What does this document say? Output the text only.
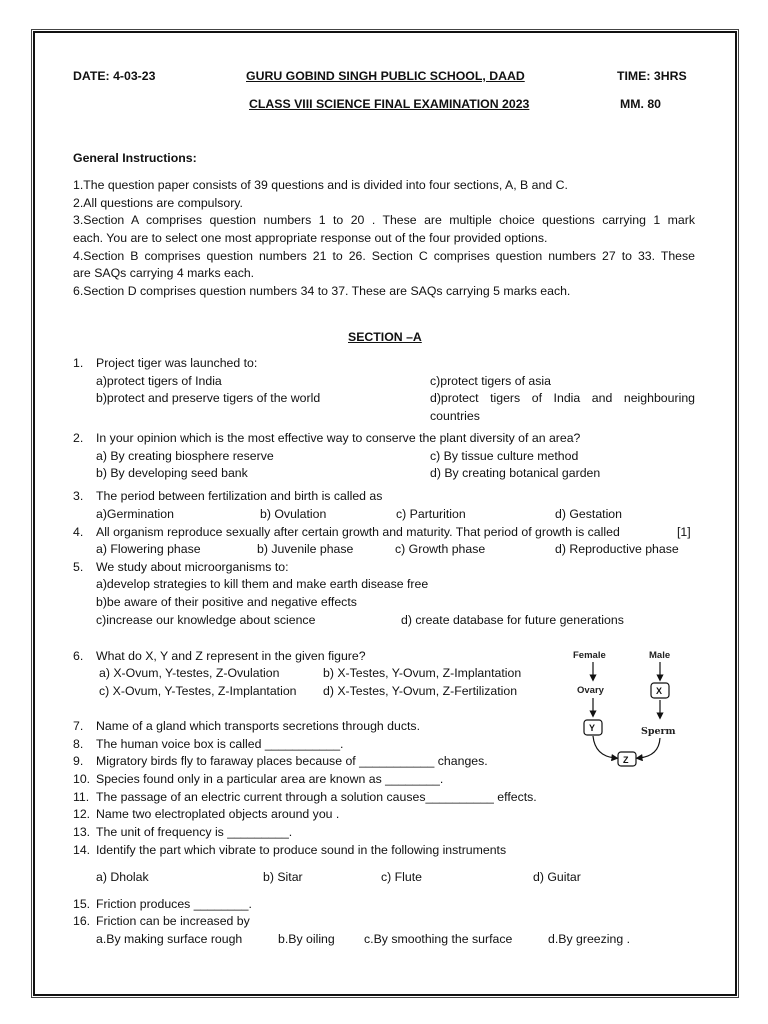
DATE: 4-03-23	GURU GOBIND SINGH PUBLIC SCHOOL, DAAD	TIME: 3HRS
CLASS VIII SCIENCE FINAL EXAMINATION 2023	MM. 80
General Instructions:
1.The question paper consists of 39 questions and is divided into four sections, A, B and C.
2.All questions are compulsory.
3.Section A comprises question numbers 1 to 20 . These are multiple choice questions carrying 1 mark
each. You are to select one most appropriate response out of the four provided options.
4.Section B comprises question numbers 21 to 26. Section C comprises question numbers 27 to 33. These
are SAQs carrying 4 marks each.
6.Section D comprises question numbers 34 to 37. These are SAQs carrying 5 marks each.
SECTION –A
1. Project tiger was launched to:
a)protect tigers of India
b)protect and preserve tigers of the world
c)protect tigers of asia
d)protect tigers of India and neighbouring
countries
2. In your opinion which is the most effective way to conserve the plant diversity of an area?
a) By creating biosphere reserve
b) By developing seed bank
c) By tissue culture method
d) By creating botanical garden
3. The period between fertilization and birth is called as
a)Germination	b) Ovulation	c) Parturition	d) Gestation
4. All organism reproduce sexually after certain growth and maturity. That period of growth is called	[1]
a) Flowering phase	b) Juvenile phase	c) Growth phase	d) Reproductive phase
5. We study about microorganisms to:
a)develop strategies to kill them and make earth disease free
b)be aware of their positive and negative effects
c)increase our knowledge about science	d) create database for future generations
6. What do X, Y and Z represent in the given figure?
a) X-Ovum, Y-testes, Z-Ovulation	b) X-Testes, Y-Ovum, Z-Implantation
c) X-Ovum, Y-Testes, Z-Implantation d) X-Testes, Y-Ovum, Z-Fertilization
Female	Male
Ovary	X
Y	Sperm
Z
7. Name of a gland which transports secretions through ducts.
8. The human voice box is called ___________.
9. Migratory birds fly to faraway places because of ___________ changes.
10. Species found only in a particular area are known as ________.
11. The passage of an electric current through a solution causes__________ effects.
12. Name two electroplated objects around you .
13. The unit of frequency is _________.
14. Identify the part which vibrate to produce sound in the following instruments
a) Dholak	b) Sitar	c) Flute	d) Guitar
15. Friction produces ________.
16. Friction can be increased by
a.By making surface rough	b.By oiling c.By smoothing the surface	d.By greezing .
